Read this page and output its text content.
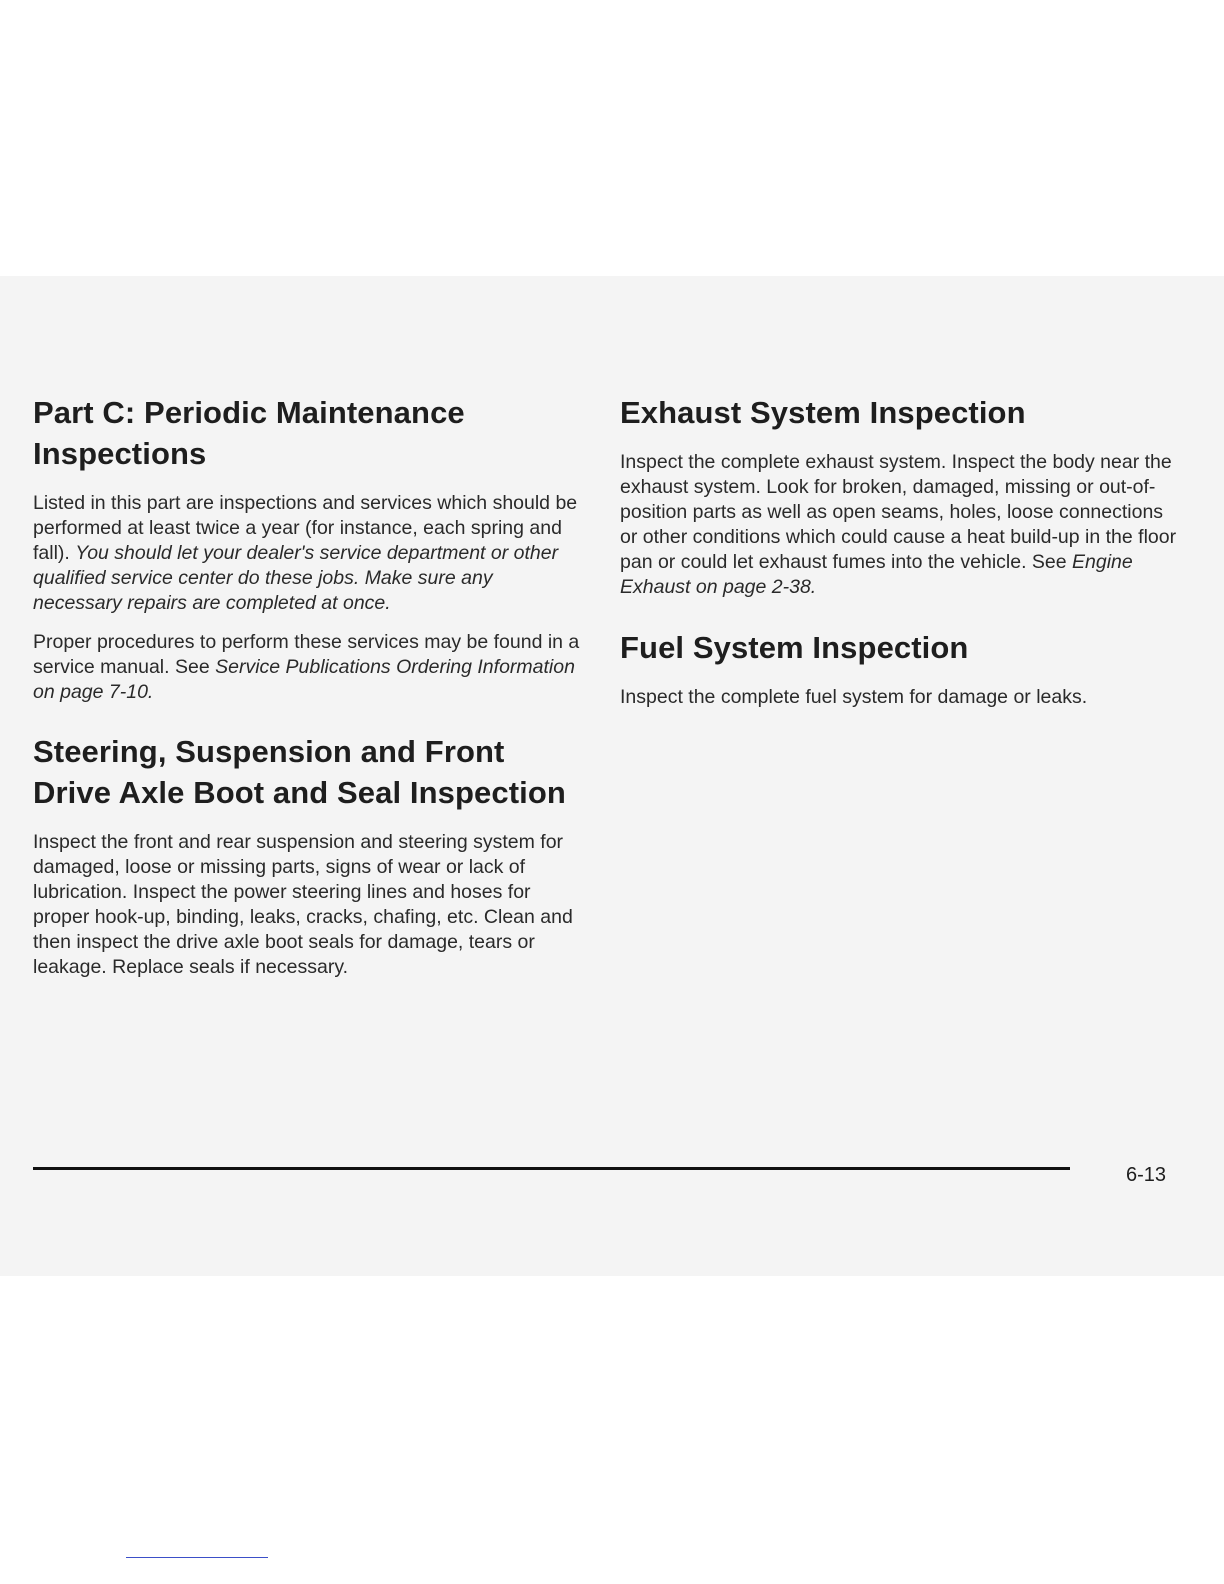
Part C: Periodic Maintenance Inspections

Listed in this part are inspections and services which should be performed at least twice a year (for instance, each spring and fall). You should let your dealer's service department or other qualified service center do these jobs. Make sure any necessary repairs are completed at once.

Proper procedures to perform these services may be found in a service manual. See Service Publications Ordering Information on page 7-10.

Steering, Suspension and Front Drive Axle Boot and Seal Inspection

Inspect the front and rear suspension and steering system for damaged, loose or missing parts, signs of wear or lack of lubrication. Inspect the power steering lines and hoses for proper hook-up, binding, leaks, cracks, chafing, etc. Clean and then inspect the drive axle boot seals for damage, tears or leakage. Replace seals if necessary.

Exhaust System Inspection

Inspect the complete exhaust system. Inspect the body near the exhaust system. Look for broken, damaged, missing or out-of-position parts as well as open seams, holes, loose connections or other conditions which could cause a heat build-up in the floor pan or could let exhaust fumes into the vehicle. See Engine Exhaust on page 2-38.

Fuel System Inspection

Inspect the complete fuel system for damage or leaks.

6-13
